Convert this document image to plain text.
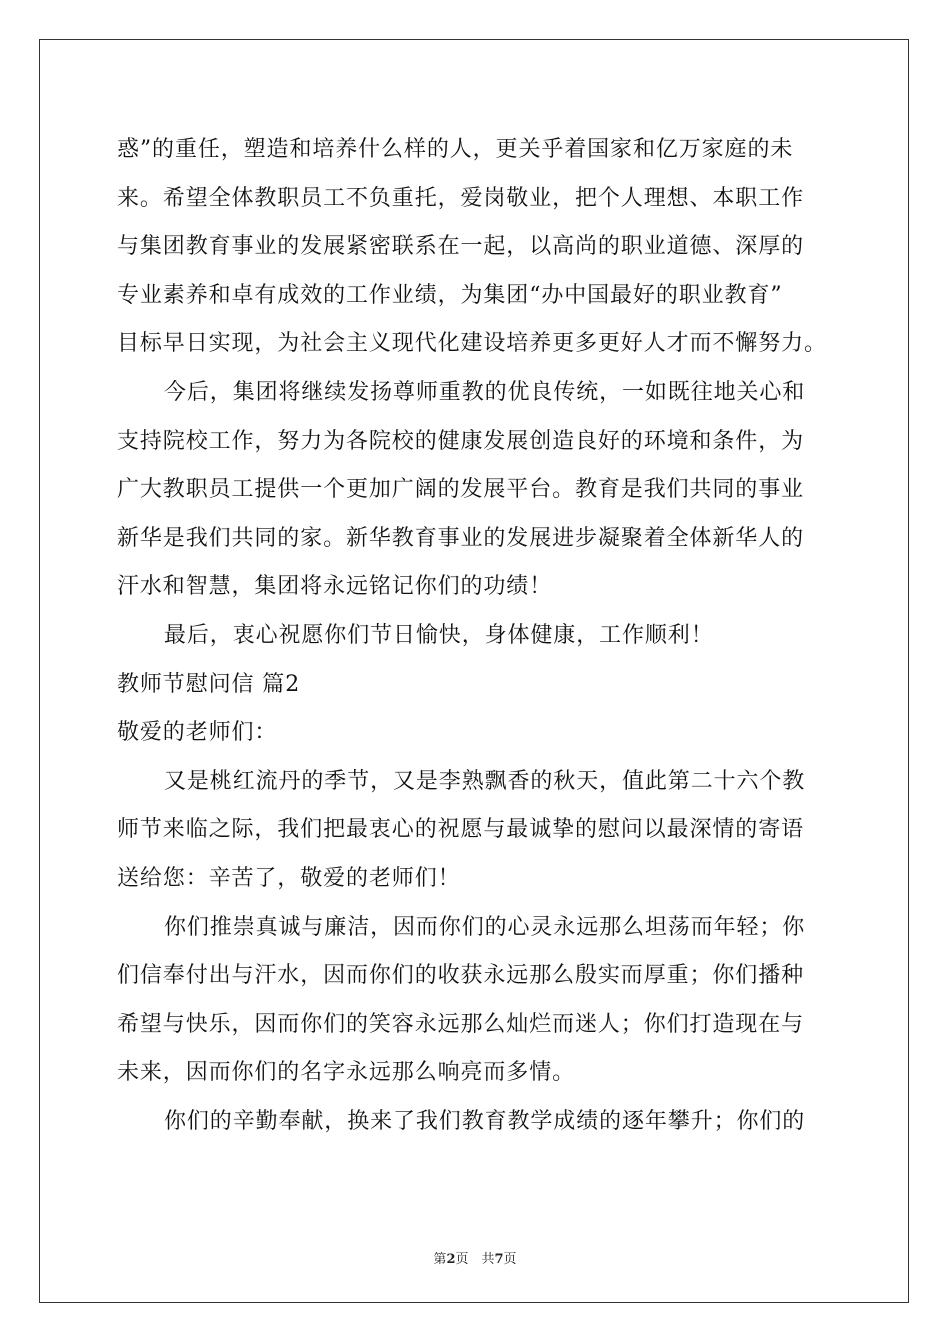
惑”的重任，塑造和培养什么样的人，更关乎着国家和亿万家庭的未
来。希望全体教职员工不负重托，爱岗敬业，把个人理想、本职工作
与集团教育事业的发展紧密联系在一起，以高尚的职业道德、深厚的
专业素养和卓有成效的工作业绩，为集团“办中国最好的职业教育”
目标早日实现，为社会主义现代化建设培养更多更好人才而不懈努力。
今后，集团将继续发扬尊师重教的优良传统，一如既往地关心和
支持院校工作，努力为各院校的健康发展创造良好的环境和条件，为
广大教职员工提供一个更加广阔的发展平台。教育是我们共同的事业
新华是我们共同的家。新华教育事业的发展进步凝聚着全体新华人的
汗水和智慧，集团将永远铭记你们的功绩！
最后，衷心祝愿你们节日愉快，身体健康，工作顺利！
教师节慰问信 篇2
敬爱的老师们：
又是桃红流丹的季节，又是李熟飘香的秋天，值此第二十六个教
师节来临之际，我们把最衷心的祝愿与最诚挚的慰问以最深情的寄语
送给您：辛苦了，敬爱的老师们！
你们推崇真诚与廉洁，因而你们的心灵永远那么坦荡而年轻；你
们信奉付出与汗水，因而你们的收获永远那么殷实而厚重；你们播种
希望与快乐，因而你们的笑容永远那么灿烂而迷人；你们打造现在与
未来，因而你们的名字永远那么响亮而多情。
你们的辛勤奉献，换来了我们教育教学成绩的逐年攀升；你们的
第2页　共7页
